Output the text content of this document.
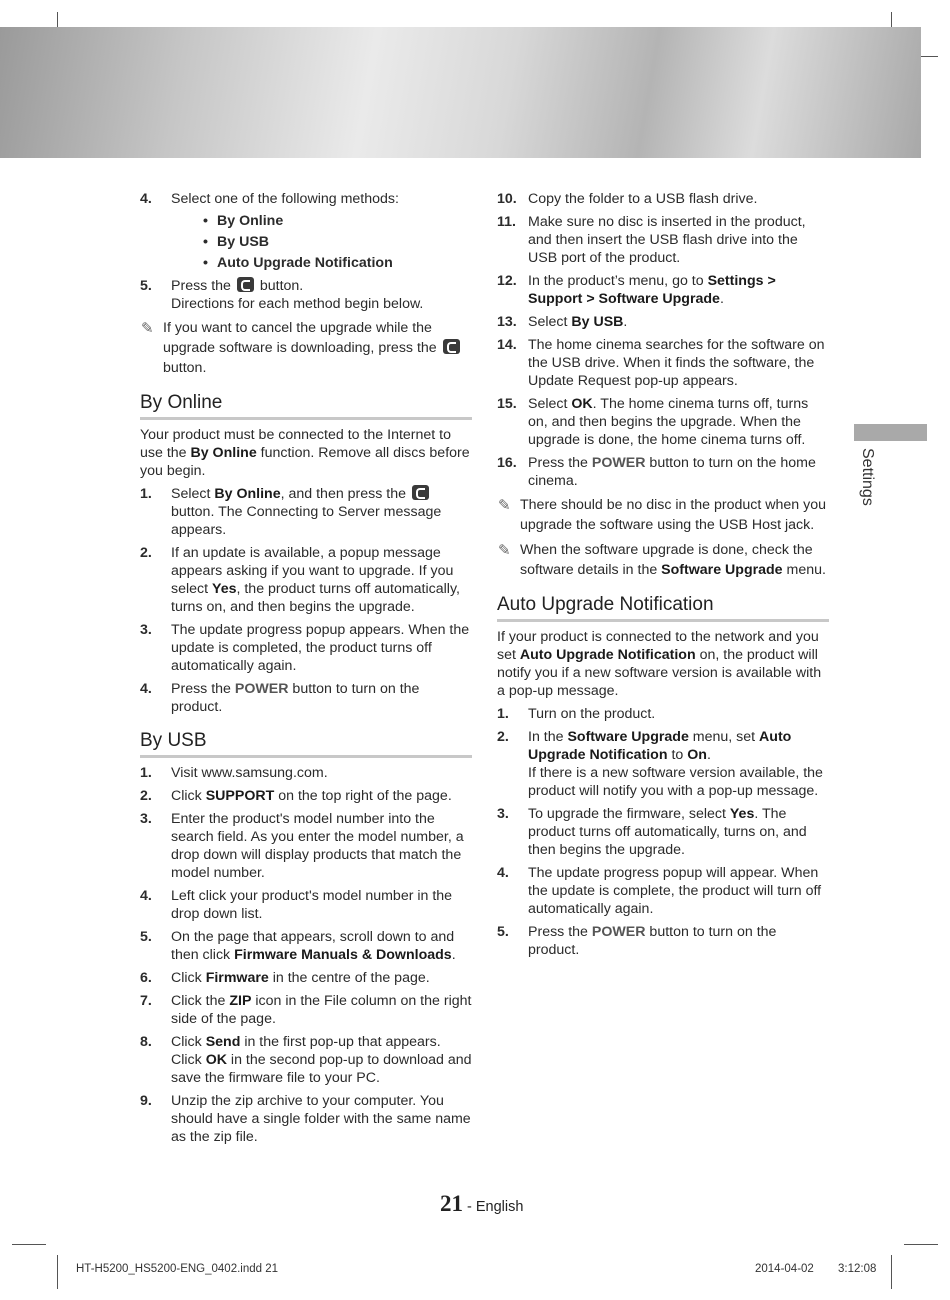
4. Select one of the following methods:
• By Online
• By USB
• Auto Upgrade Notification
5. Press the button.
Directions for each method begin below.
✎ If you want to cancel the upgrade while the upgrade software is downloading, press the  button.
By Online
Your product must be connected to the Internet to use the By Online function. Remove all discs before you begin.
1. Select By Online, and then press the  button. The Connecting to Server message appears.
2. If an update is available, a popup message appears asking if you want to upgrade. If you select Yes, the product turns off automatically, turns on, and then begins the upgrade.
3. The update progress popup appears. When the update is completed, the product turns off automatically again.
4. Press the POWER button to turn on the product.
By USB
1. Visit www.samsung.com.
2. Click SUPPORT on the top right of the page.
3. Enter the product's model number into the search field. As you enter the model number, a drop down will display products that match the model number.
4. Left click your product's model number in the drop down list.
5. On the page that appears, scroll down to and then click Firmware Manuals & Downloads.
6. Click Firmware in the centre of the page.
7. Click the ZIP icon in the File column on the right side of the page.
8. Click Send in the first pop-up that appears. Click OK in the second pop-up to download and save the firmware file to your PC.
9. Unzip the zip archive to your computer. You should have a single folder with the same name as the zip file.
10. Copy the folder to a USB flash drive.
11. Make sure no disc is inserted in the product, and then insert the USB flash drive into the USB port of the product.
12. In the product’s menu, go to Settings > Support > Software Upgrade.
13. Select By USB.
14. The home cinema searches for the software on the USB drive. When it finds the software, the Update Request pop-up appears.
15. Select OK. The home cinema turns off, turns on, and then begins the upgrade. When the upgrade is done, the home cinema turns off.
16. Press the POWER button to turn on the home cinema.
✎ There should be no disc in the product when you upgrade the software using the USB Host jack.
✎ When the software upgrade is done, check the software details in the Software Upgrade menu.
Auto Upgrade Notification
If your product is connected to the network and you set Auto Upgrade Notification on, the product will notify you if a new software version is available with a pop-up message.
1. Turn on the product.
2. In the Software Upgrade menu, set Auto Upgrade Notification to On.
If there is a new software version available, the product will notify you with a pop-up message.
3. To upgrade the firmware, select Yes. The product turns off automatically, turns on, and then begins the upgrade.
4. The update progress popup will appear. When the update is complete, the product will turn off automatically again.
5. Press the POWER button to turn on the product.
Settings
21 - English
HT-H5200_HS5200-ENG_0402.indd 21	2014-04-02 3:12:08
